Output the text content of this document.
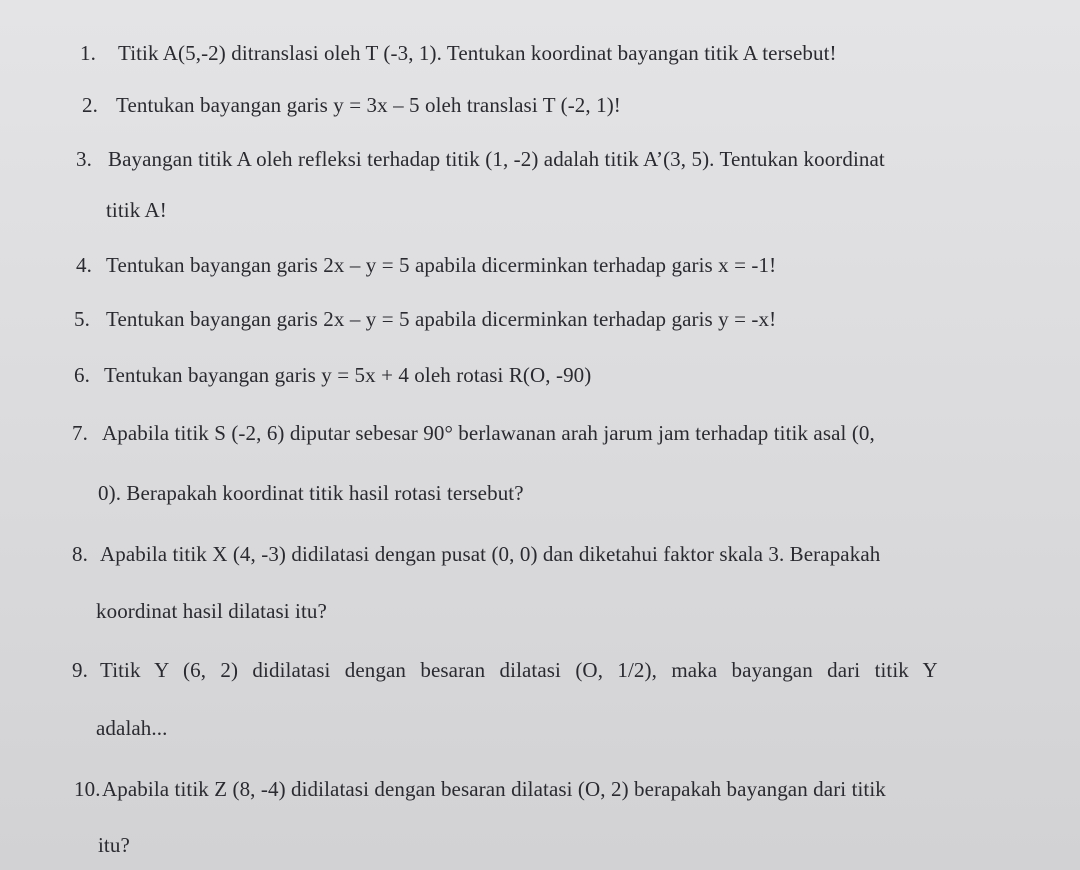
1. Titik A(5,-2) ditranslasi oleh T (-3, 1). Tentukan koordinat bayangan titik A tersebut!
2. Tentukan bayangan garis y = 3x – 5 oleh translasi T (-2, 1)!
3. Bayangan titik A oleh refleksi terhadap titik (1, -2) adalah titik A’(3, 5). Tentukan koordinat
titik A!
4. Tentukan bayangan garis 2x – y = 5 apabila dicerminkan terhadap garis x = -1!
5. Tentukan bayangan garis 2x – y = 5 apabila dicerminkan terhadap garis y = -x!
6. Tentukan bayangan garis y = 5x + 4 oleh rotasi R(O, -90)
7. Apabila titik S (-2, 6) diputar sebesar 90° berlawanan arah jarum jam terhadap titik asal (0,
0). Berapakah koordinat titik hasil rotasi tersebut?
8. Apabila titik X (4, -3) didilatasi dengan pusat (0, 0) dan diketahui faktor skala 3. Berapakah
koordinat hasil dilatasi itu?
9. Titik Y (6, 2) didilatasi dengan besaran dilatasi (O, 1/2), maka bayangan dari titik Y
adalah...
10. Apabila titik Z (8, -4) didilatasi dengan besaran dilatasi (O, 2) berapakah bayangan dari titik
itu?
